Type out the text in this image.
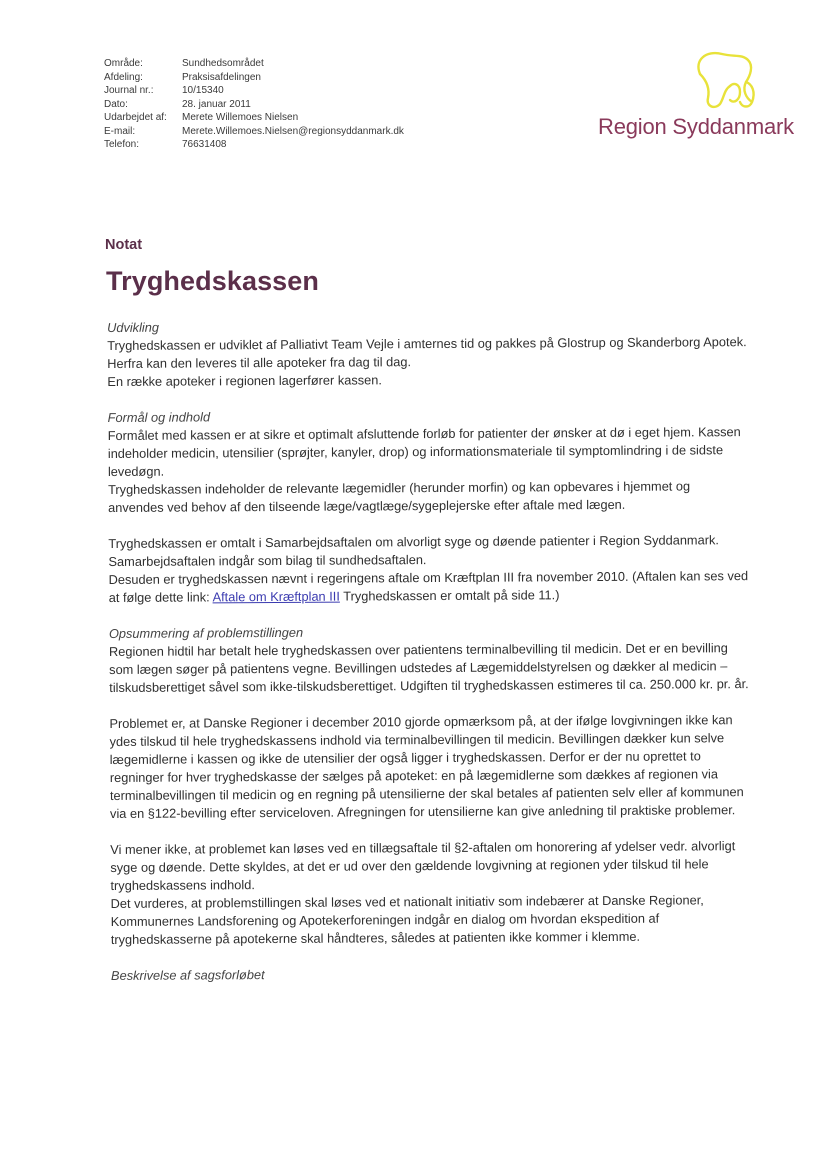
Område:	Sundhedsområdet
Afdeling:	Praksisafdelingen
Journal nr.:	10/15340
Dato:	28. januar 2011
Udarbejdet af:	Merete Willemoes Nielsen
E-mail:	Merete.Willemoes.Nielsen@regionsyddanmark.dk
Telefon:	76631408
Region Syddanmark
Notat
Tryghedskassen
Udvikling
Tryghedskassen er udviklet af Palliativt Team Vejle i amternes tid og pakkes på Glostrup og Skanderborg Apotek. Herfra kan den leveres til alle apoteker fra dag til dag.
En række apoteker i regionen lagerfører kassen.
Formål og indhold
Formålet med kassen er at sikre et optimalt afsluttende forløb for patienter der ønsker at dø i eget hjem. Kassen indeholder medicin, utensilier (sprøjter, kanyler, drop) og informationsmateriale til symptomlindring i de sidste levedøgn.
Tryghedskassen indeholder de relevante lægemidler (herunder morfin) og kan opbevares i hjemmet og anvendes ved behov af den tilseende læge/vagtlæge/sygeplejerske efter aftale med lægen.
Tryghedskassen er omtalt i Samarbejdsaftalen om alvorligt syge og døende patienter i Region Syddanmark. Samarbejdsaftalen indgår som bilag til sundhedsaftalen.
Desuden er tryghedskassen nævnt i regeringens aftale om Kræftplan III fra november 2010. (Aftalen kan ses ved at følge dette link: Aftale om Kræftplan III Tryghedskassen er omtalt på side 11.)
Opsummering af problemstillingen
Regionen hidtil har betalt hele tryghedskassen over patientens terminalbevilling til medicin. Det er en bevilling som lægen søger på patientens vegne. Bevillingen udstedes af Lægemiddelstyrelsen og dækker al medicin – tilskudsberettiget såvel som ikke-tilskudsberettiget. Udgiften til tryghedskassen estimeres til ca. 250.000 kr. pr. år.
Problemet er, at Danske Regioner i december 2010 gjorde opmærksom på, at der ifølge lovgivningen ikke kan ydes tilskud til hele tryghedskassens indhold via terminalbevillingen til medicin. Bevillingen dækker kun selve lægemidlerne i kassen og ikke de utensilier der også ligger i tryghedskassen. Derfor er der nu oprettet to regninger for hver tryghedskasse der sælges på apoteket: en på lægemidlerne som dækkes af regionen via terminalbevillingen til medicin og en regning på utensilierne der skal betales af patienten selv eller af kommunen via en §122-bevilling efter serviceloven. Afregningen for utensilierne kan give anledning til praktiske problemer.
Vi mener ikke, at problemet kan løses ved en tillægsaftale til §2-aftalen om honorering af ydelser vedr. alvorligt syge og døende. Dette skyldes, at det er ud over den gældende lovgivning at regionen yder tilskud til hele tryghedskassens indhold.
Det vurderes, at problemstillingen skal løses ved et nationalt initiativ som indebærer at Danske Regioner, Kommunernes Landsforening og Apotekerforeningen indgår en dialog om hvordan ekspedition af tryghedskasserne på apotekerne skal håndteres, således at patienten ikke kommer i klemme.
Beskrivelse af sagsforløbet
